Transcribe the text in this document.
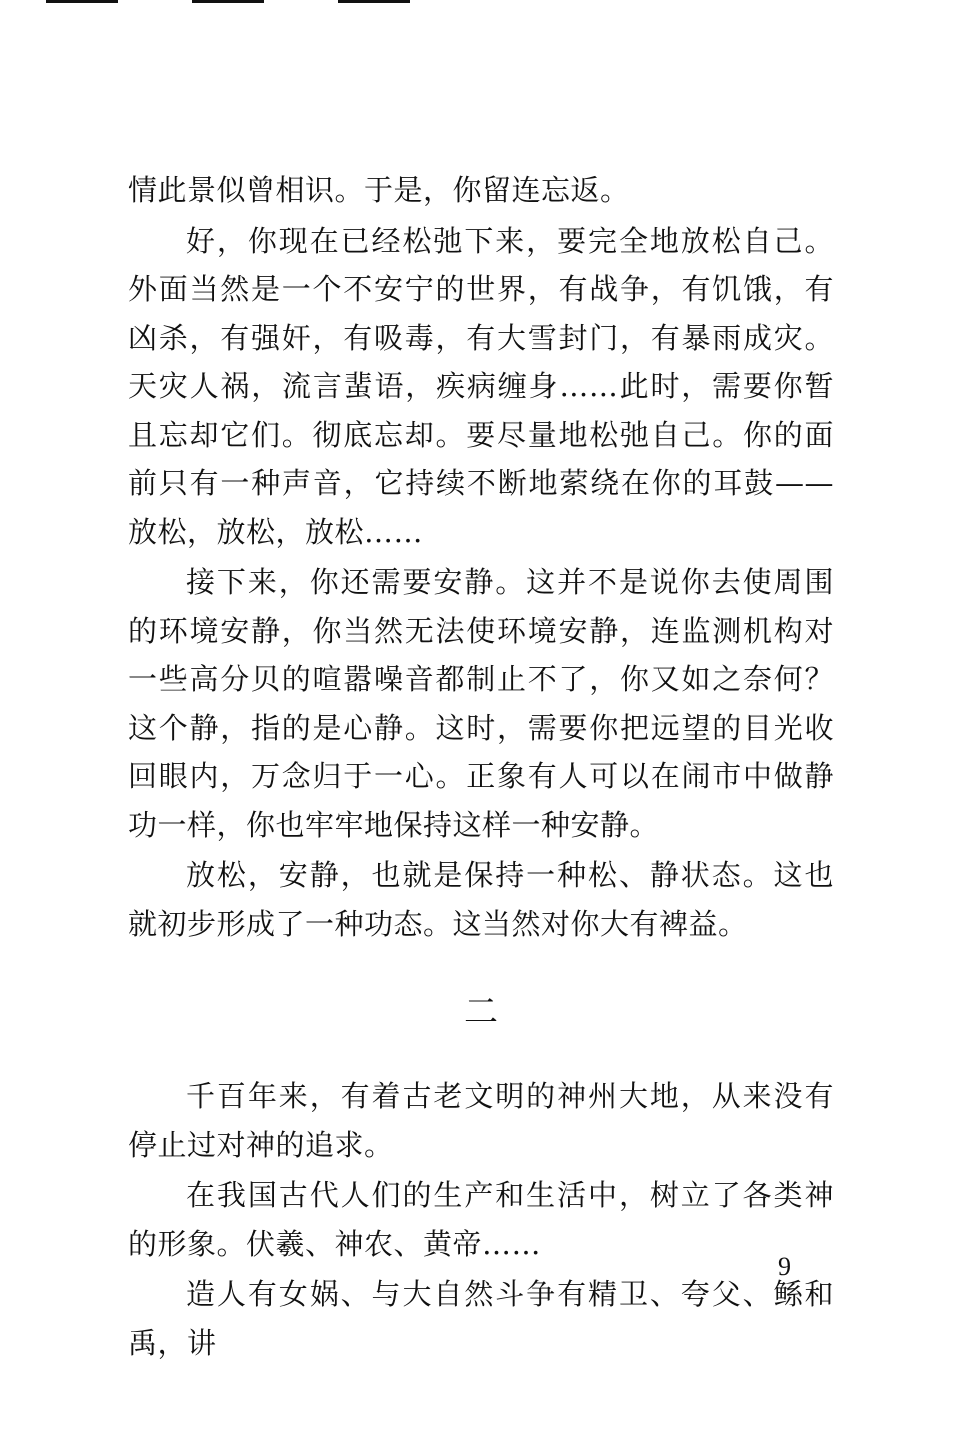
情此景似曾相识。于是，你留连忘返。

好，你现在已经松弛下来，要完全地放松自己。外面当然是一个不安宁的世界，有战争，有饥饿，有凶杀，有强奸，有吸毒，有大雪封门，有暴雨成灾。天灾人祸，流言蜚语，疾病缠身……此时，需要你暂且忘却它们。彻底忘却。要尽量地松弛自己。你的面前只有一种声音，它持续不断地萦绕在你的耳鼓——放松，放松，放松……

接下来，你还需要安静。这并不是说你去使周围的环境安静，你当然无法使环境安静，连监测机构对一些高分贝的喧嚣噪音都制止不了，你又如之奈何？这个静，指的是心静。这时，需要你把远望的目光收回眼内，万念归于一心。正象有人可以在闹市中做静功一样，你也牢牢地保持这样一种安静。

放松，安静，也就是保持一种松、静状态。这也就初步形成了一种功态。这当然对你大有裨益。

二

千百年来，有着古老文明的神州大地，从来没有停止过对神的追求。

在我国古代人们的生产和生活中，树立了各类神的形象。伏羲、神农、黄帝……

造人有女娲、与大自然斗争有精卫、夸父、鲧和禹，讲

9
